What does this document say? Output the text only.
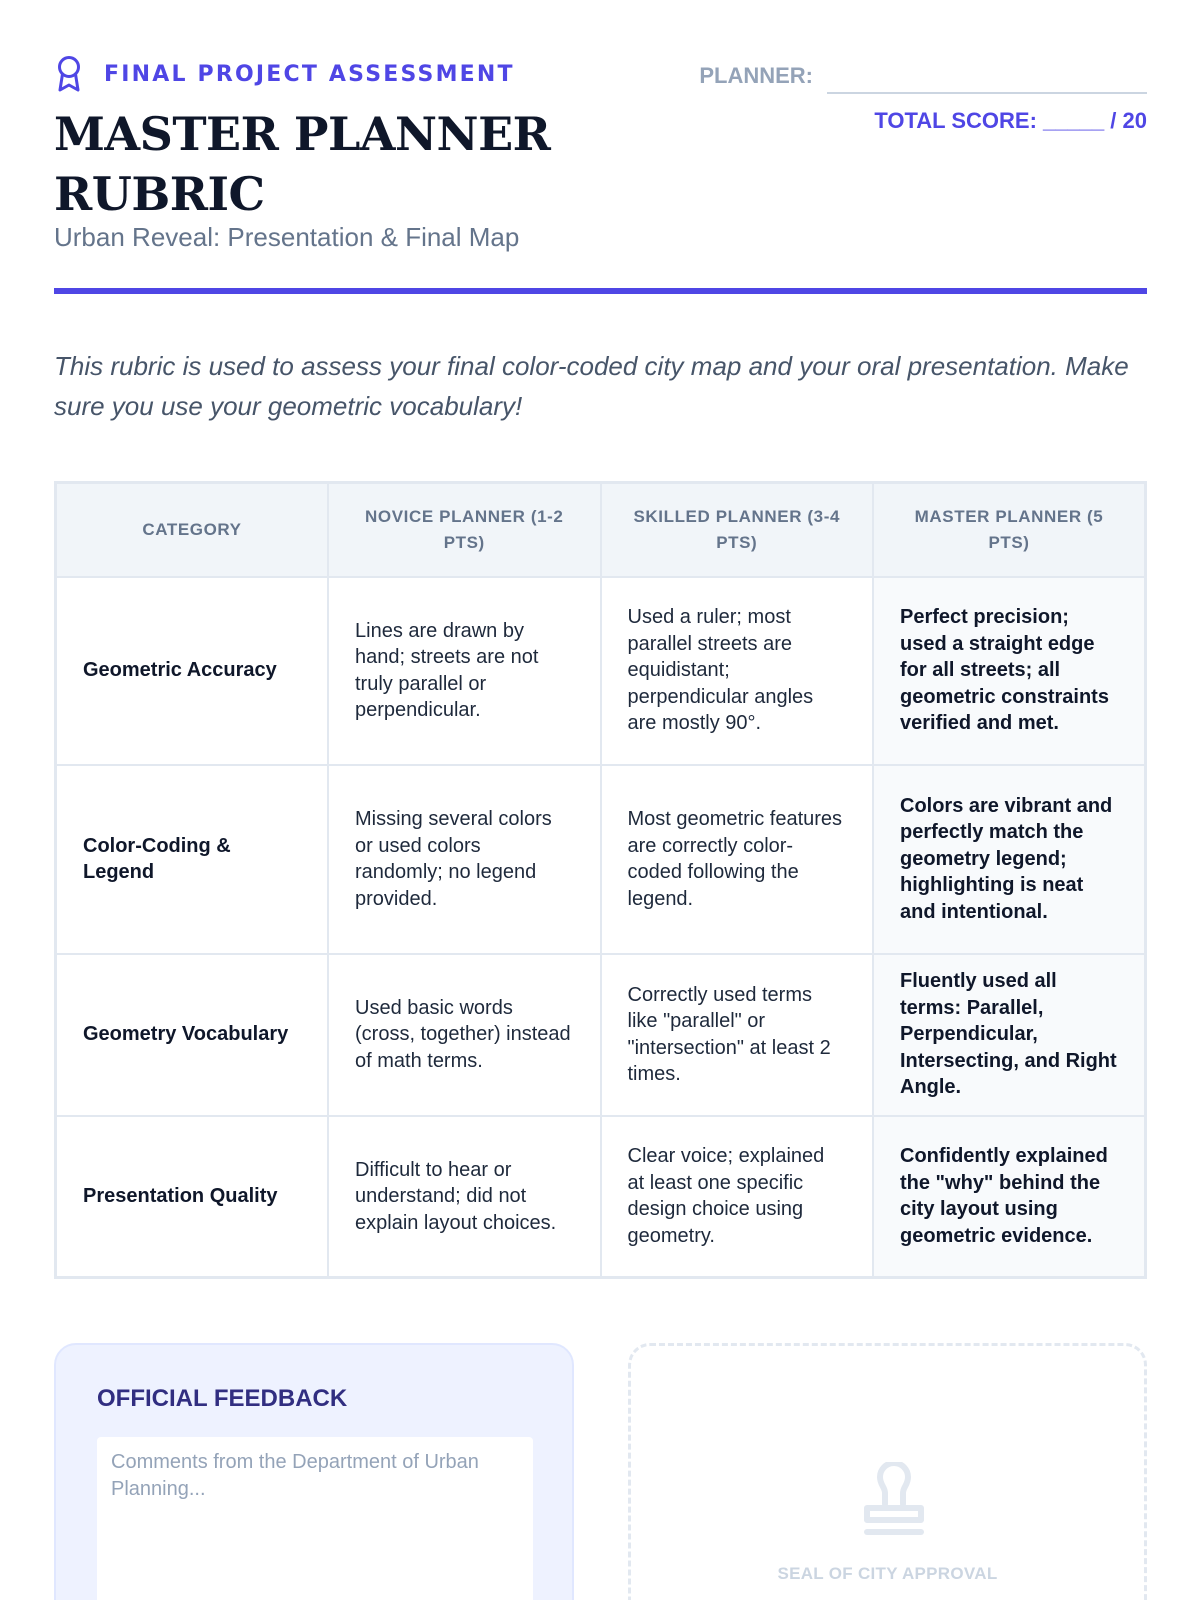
FINAL PROJECT ASSESSMENT
MASTER PLANNER RUBRIC
Urban Reveal: Presentation & Final Map
PLANNER:
TOTAL SCORE: _____ / 20

This rubric is used to assess your final color-coded city map and your oral presentation. Make sure you use your geometric vocabulary!

CATEGORY	NOVICE PLANNER (1-2 PTS)	SKILLED PLANNER (3-4 PTS)	MASTER PLANNER (5 PTS)
Geometric Accuracy	Lines are drawn by hand; streets are not truly parallel or perpendicular.	Used a ruler; most parallel streets are equidistant; perpendicular angles are mostly 90°.	Perfect precision; used a straight edge for all streets; all geometric constraints verified and met.
Color-Coding & Legend	Missing several colors or used colors randomly; no legend provided.	Most geometric features are correctly color-coded following the legend.	Colors are vibrant and perfectly match the geometry legend; highlighting is neat and intentional.
Geometry Vocabulary	Used basic words (cross, together) instead of math terms.	Correctly used terms like "parallel" or "intersection" at least 2 times.	Fluently used all terms: Parallel, Perpendicular, Intersecting, and Right Angle.
Presentation Quality	Difficult to hear or understand; did not explain layout choices.	Clear voice; explained at least one specific design choice using geometry.	Confidently explained the "why" behind the city layout using geometric evidence.
OFFICIAL FEEDBACK
Comments from the Department of Urban Planning...
SEAL OF CITY APPROVAL
